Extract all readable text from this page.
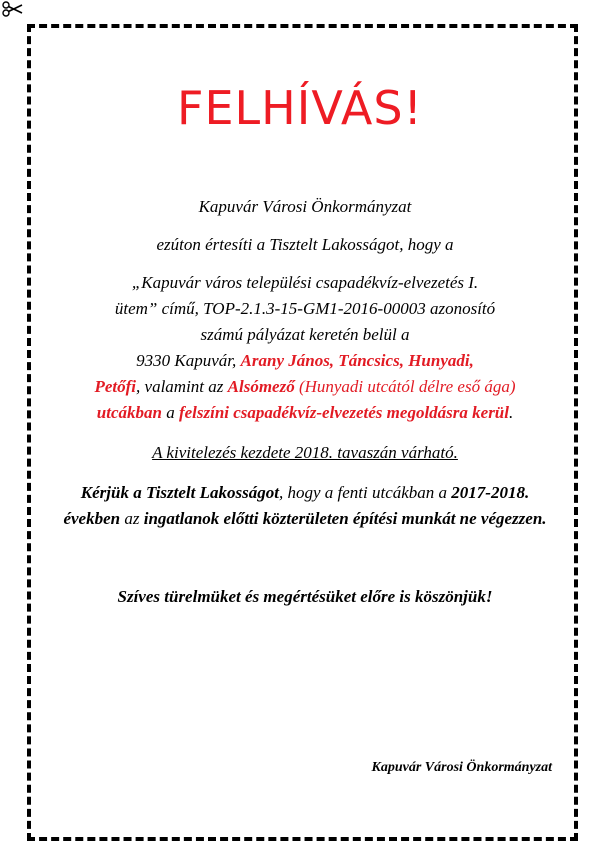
FELHÍVÁS!

Kapuvár Városi Önkormányzat

ezúton értesíti a Tisztelt Lakosságot, hogy a

„Kapuvár város települési csapadékvíz-elvezetés I.
ütem” című, TOP-2.1.3-15-GM1-2016-00003 azonosító
számú pályázat keretén belül a
9330 Kapuvár, Arany János, Táncsics, Hunyadi,
Petőfi, valamint az Alsómező (Hunyadi utcától délre eső ága) utcákban a felszíni csapadékvíz-elvezetés megoldásra kerül.

A kivitelezés kezdete 2018. tavaszán várható.

Kérjük a Tisztelt Lakosságot, hogy a fenti utcákban a 2017-2018. években az ingatlanok előtti közterületen építési munkát ne végezzen.

Szíves türelmüket és megértésüket előre is köszönjük!

Kapuvár Városi Önkormányzat
